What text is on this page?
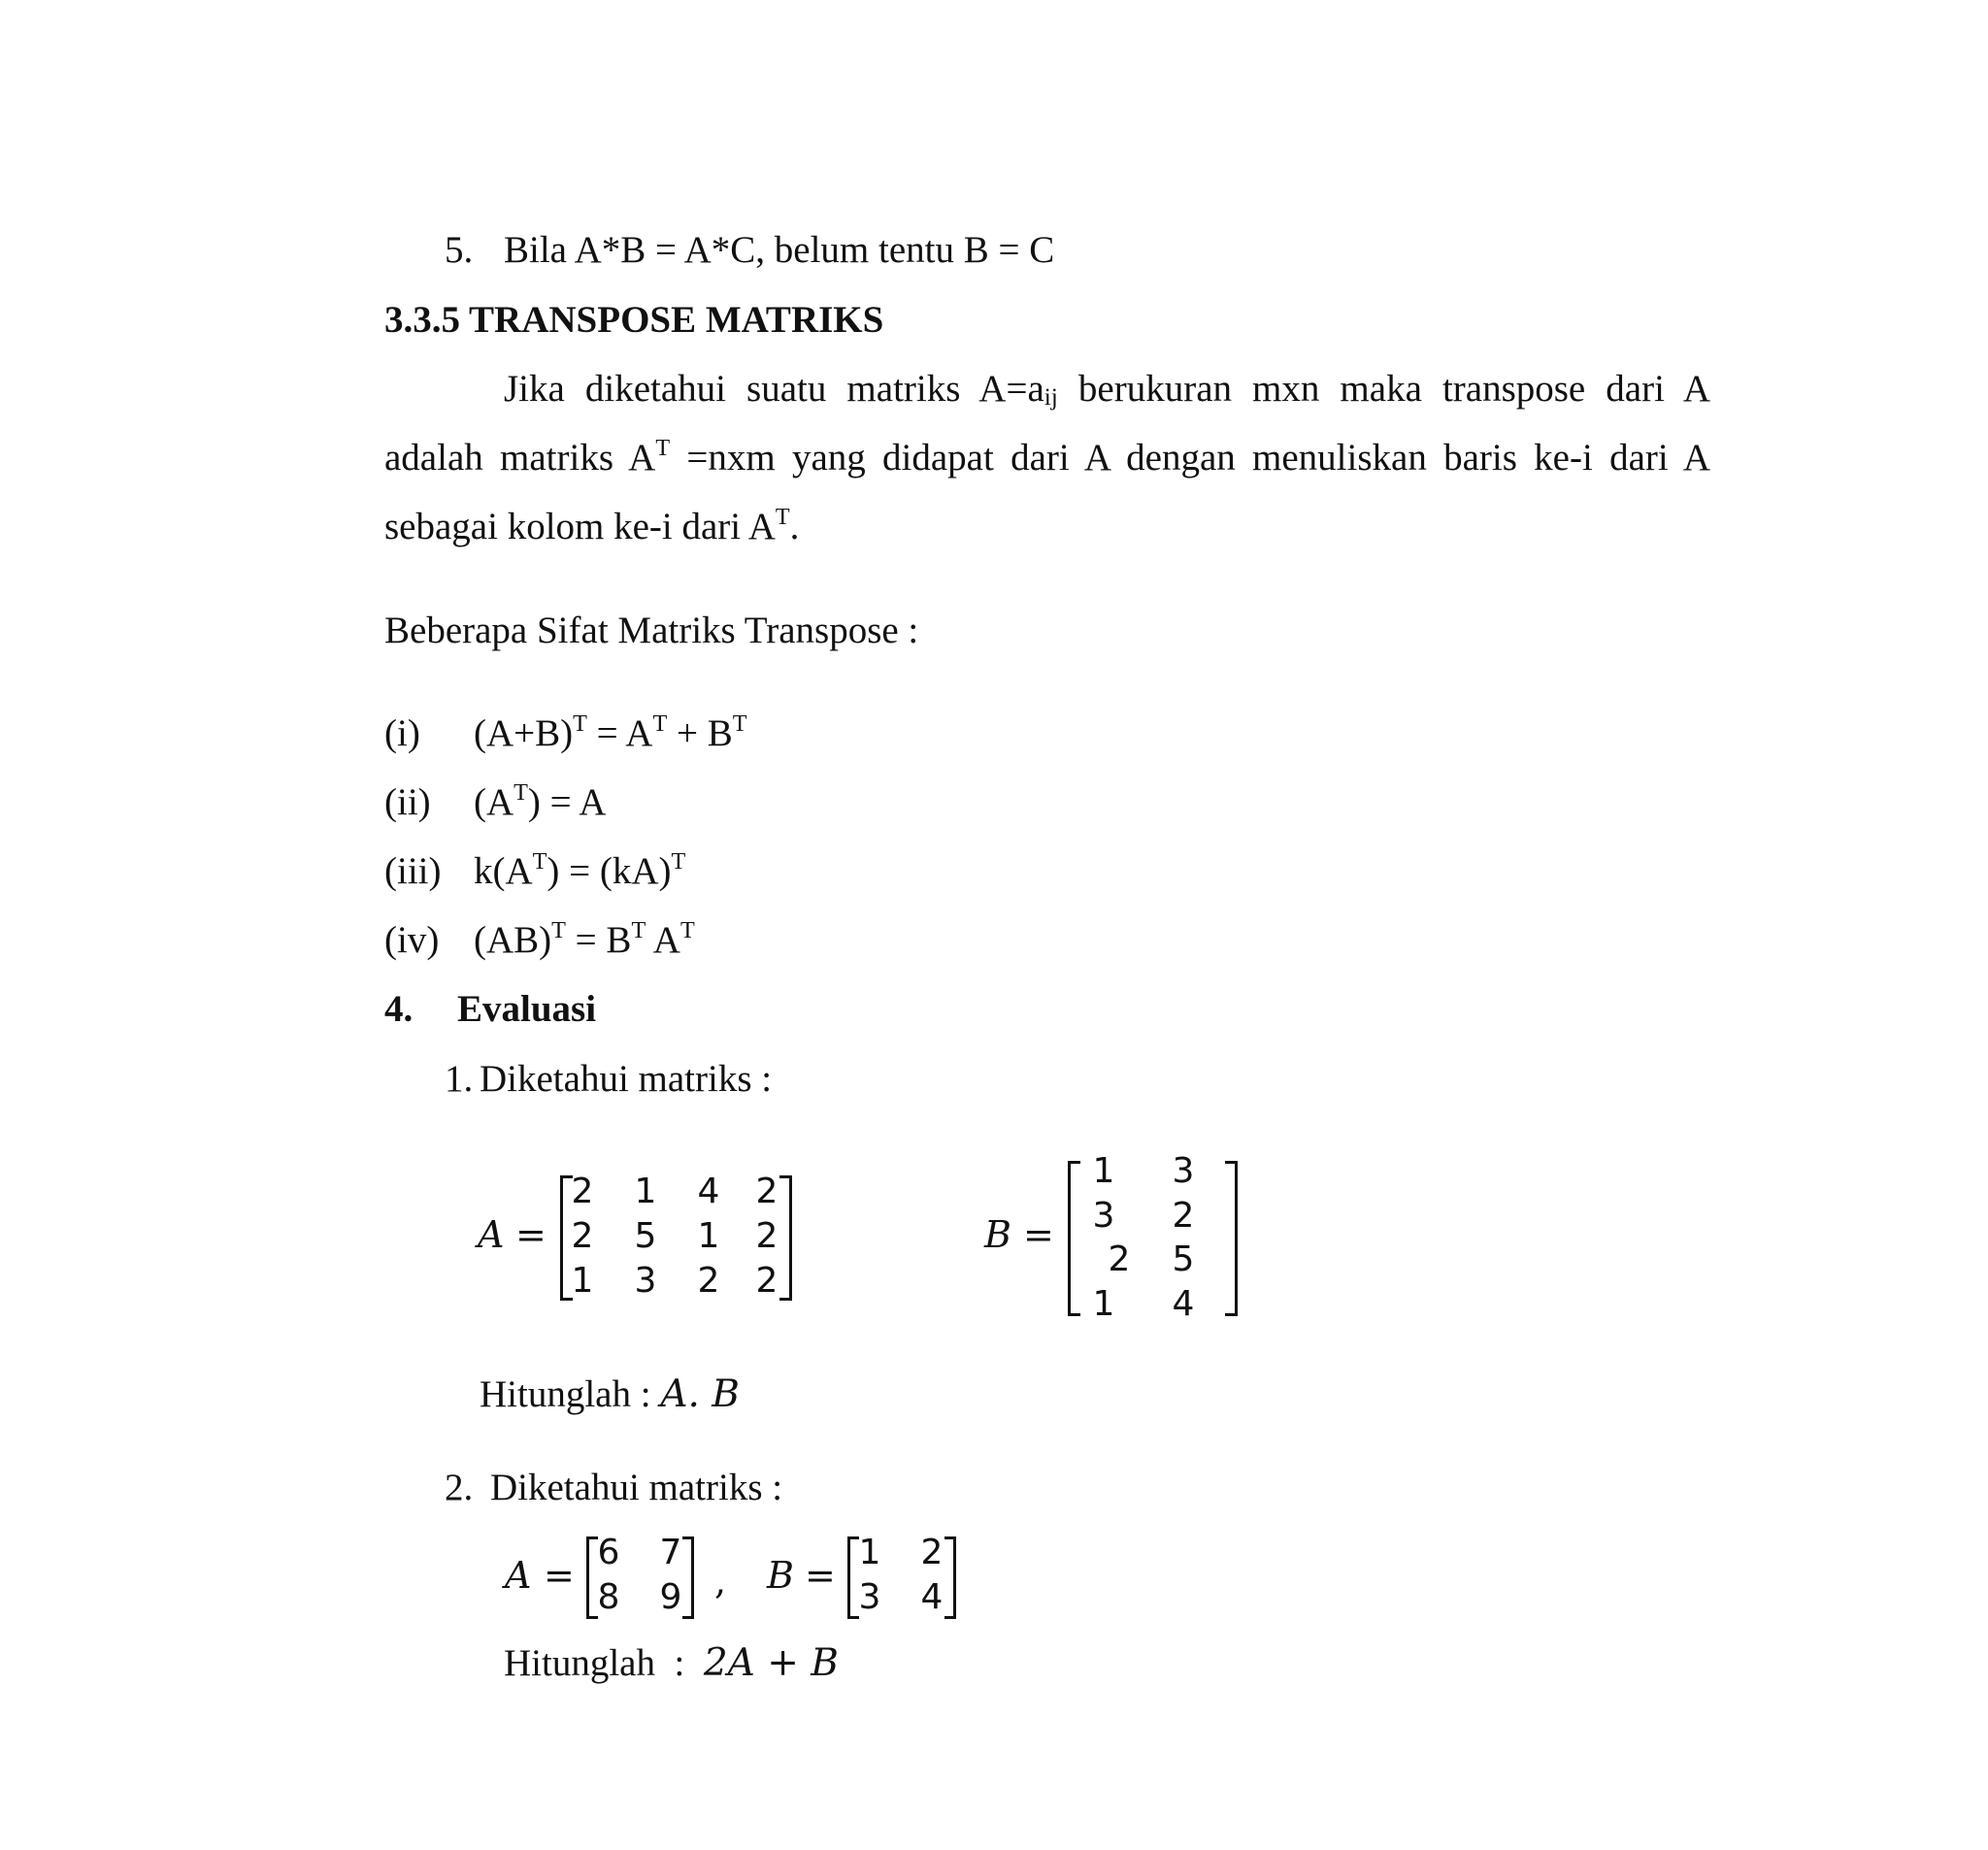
5. Bila A*B = A*C, belum tentu B = C
3.3.5 TRANSPOSE MATRIKS
Jika diketahui suatu matriks $A=a_{ij}$ berukuran mxn maka transpose dari A
adalah matriks $A^T =nxm$ yang didapat dari A dengan menuliskan baris ke-i dari A
sebagai kolom ke-i dari $A^T$.
Beberapa Sifat Matriks Transpose :
(i) $(A+B)^T = A^T + B^T$
(ii) $(A^T) = A$
(iii) $k(A^T) = (kA)^T$
(iv) $(AB)^T = B^T$ $A^T$
4. Evaluasi
1. Diketahui matriks :
A =
2 1 4 2
2 5 1 2
1 3 2 2
B =
1 3
3 2
2 5
1 4
Hitunglah : A. B
2. Diketahui matriks :
A =
6 7
8 9 , B =
1 2
3 4
Hitunglah  :  2A + B
